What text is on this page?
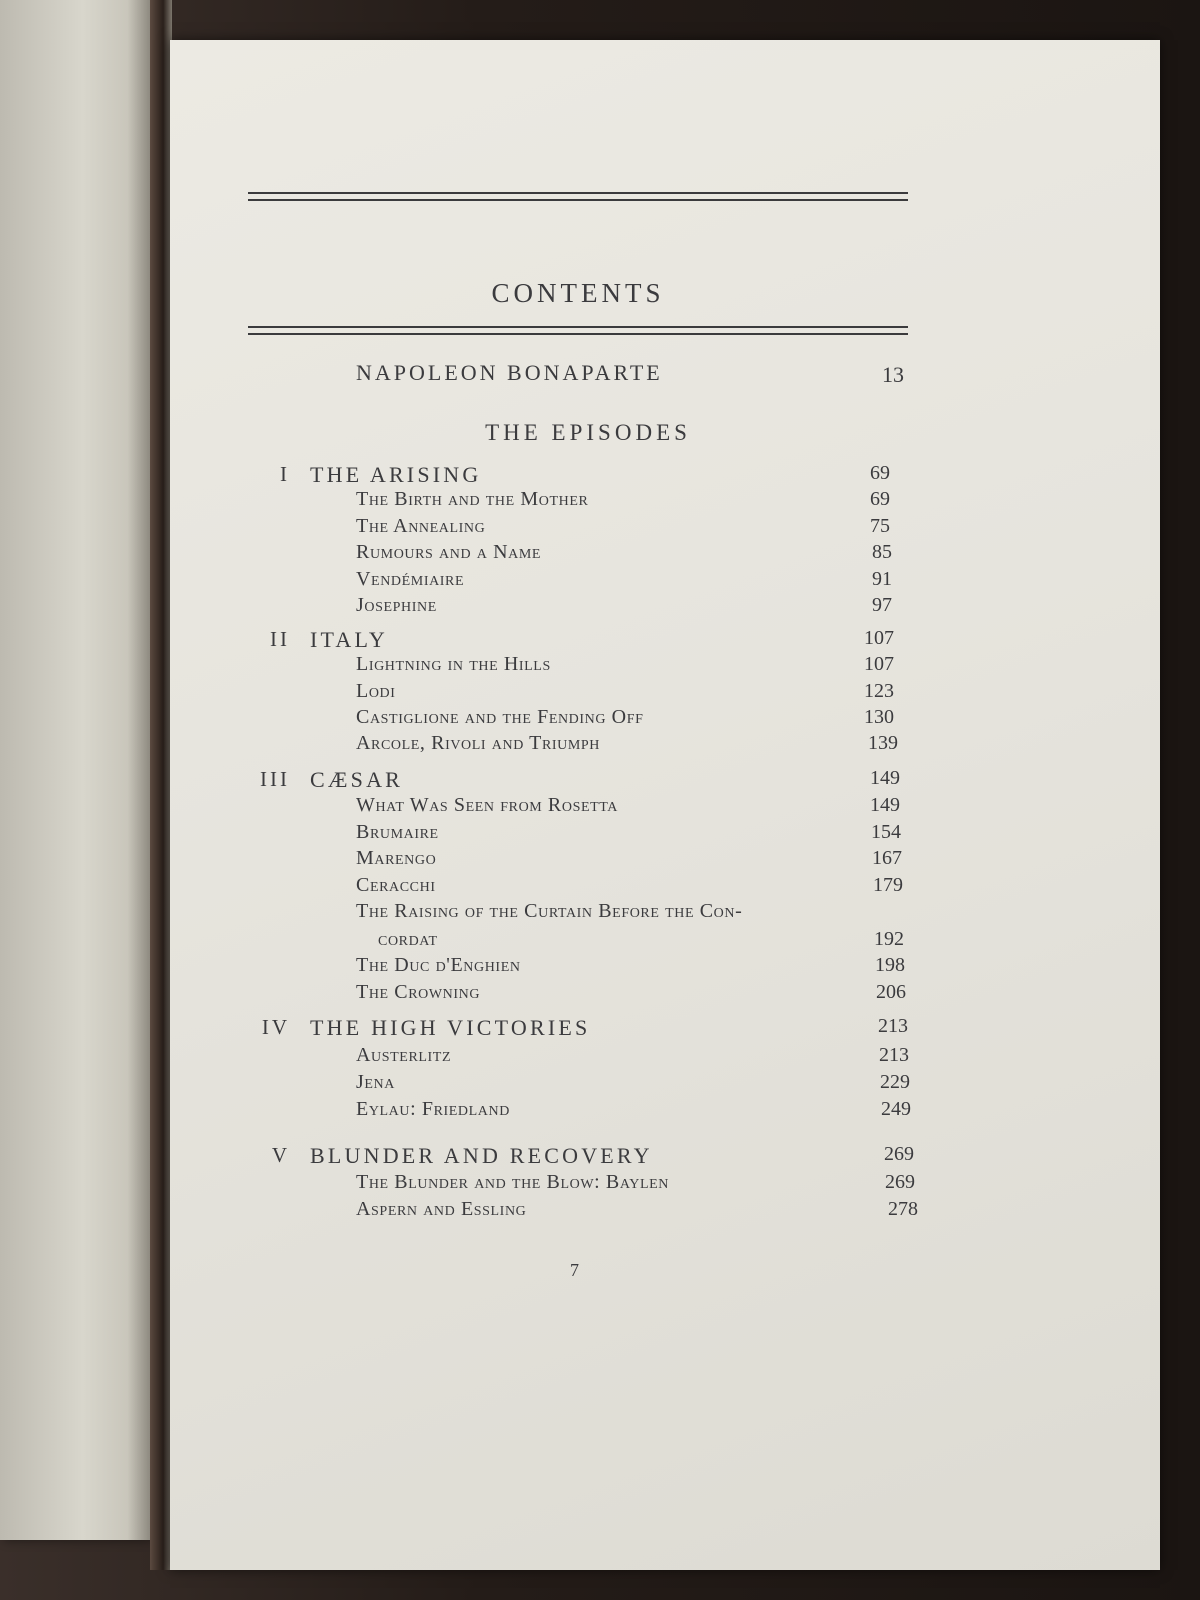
CONTENTS
NAPOLEON BONAPARTE	13
THE EPISODES
I THE ARISING	69
The Birth and the Mother	69
The Annealing	75
Rumours and a Name	85
Vendémiaire	91
Josephine	97
II ITALY	107
Lightning in the Hills	107
Lodi	123
Castiglione and the Fending Off	130
Arcole, Rivoli and Triumph	139
III CÆSAR	149
What Was Seen from Rosetta	149
Brumaire	154
Marengo	167
Ceracchi	179
The Raising of the Curtain Before the Con-
cordat	192
The Duc d'Enghien	198
The Crowning	206
IV THE HIGH VICTORIES	213
Austerlitz	213
Jena	229
Eylau: Friedland	249
V BLUNDER AND RECOVERY	269
The Blunder and the Blow: Baylen	269
Aspern and Essling	278
7
